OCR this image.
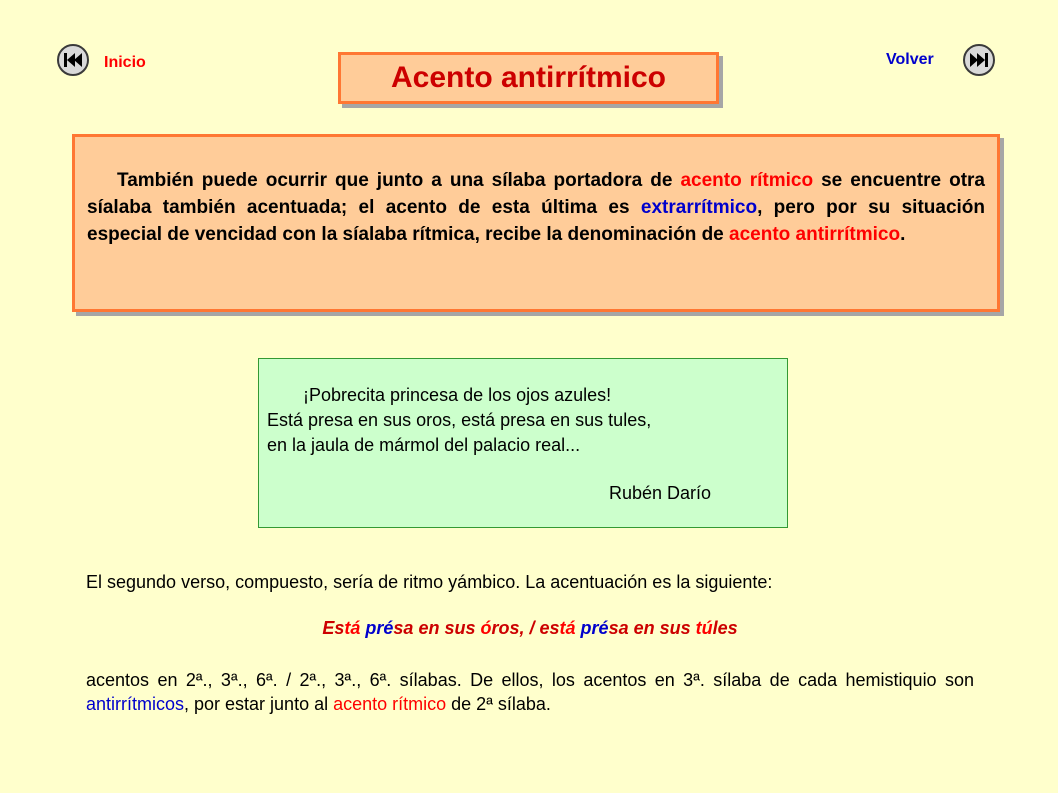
Inicio	Volver
Acento antirrítmico

También puede ocurrir que junto a una sílaba portadora de acento rítmico se encuentre otra síalaba también acentuada; el acento de esta última es extrarrítmico, pero por su situación especial de vencidad con la síalaba rítmica, recibe la denominación de acento antirrítmico.

¡Pobrecita princesa de los ojos azules!
Está presa en sus oros, está presa en sus tules,
en la jaula de mármol del palacio real...
Rubén Darío
El segundo verso, compuesto, sería de ritmo yámbico. La acentuación es la siguiente:
Está présa en sus óros, / está présa en sus túles
acentos en 2ª., 3ª., 6ª. / 2ª., 3ª., 6ª. sílabas. De ellos, los acentos en 3ª. sílaba de cada hemistiquio son antirrítmicos, por estar junto al acento rítmico de 2ª sílaba.
